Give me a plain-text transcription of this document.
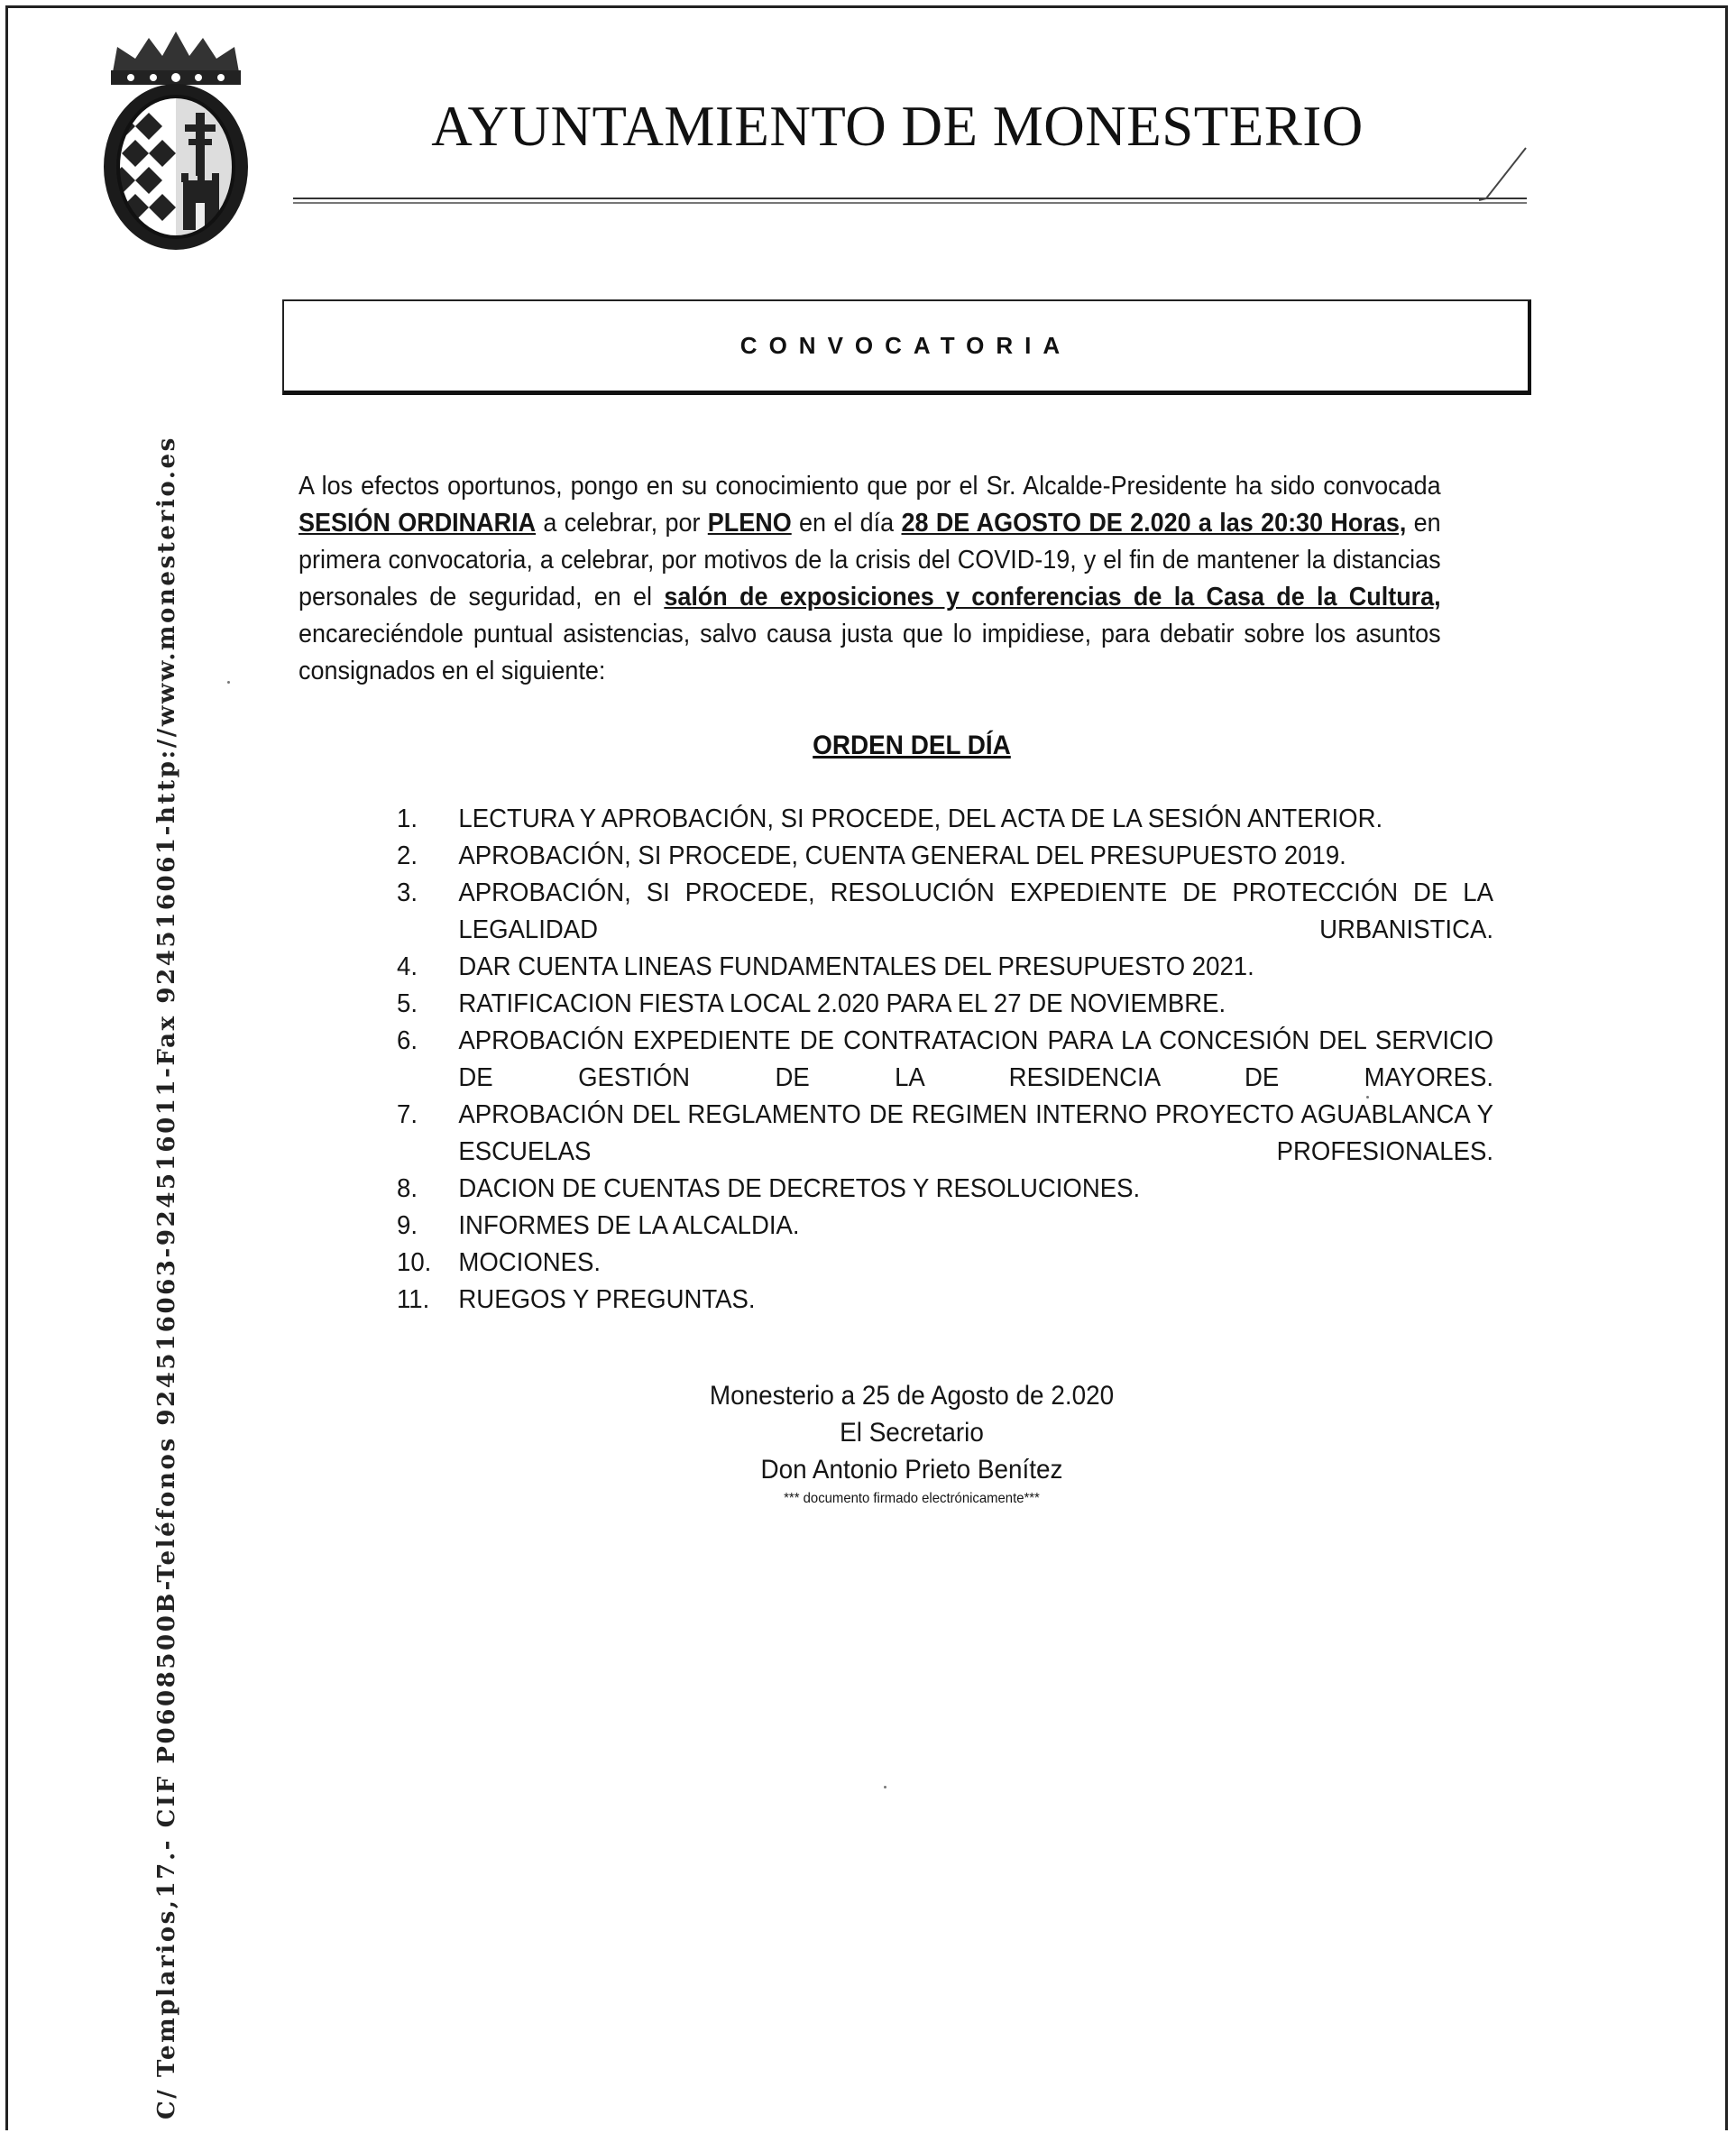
AYUNTAMIENTO DE MONESTERIO
C/ Templarios,17.- CIF P0608500B-Teléfonos 924516063-924516011-Fax 924516061-http://www.monesterio.es
CONVOCATORIA
A los efectos oportunos, pongo en su conocimiento que por el Sr. Alcalde-Presidente ha sido convocada SESIÓN ORDINARIA a celebrar, por PLENO en el día 28 DE AGOSTO DE 2.020 a las 20:30 Horas, en primera convocatoria, a celebrar, por motivos de la crisis del COVID-19, y el fin de mantener la distancias personales de seguridad, en el salón de exposiciones y conferencias de la Casa de la Cultura, encareciéndole puntual asistencias, salvo causa justa que lo impidiese, para debatir sobre los asuntos consignados en el siguiente:
ORDEN DEL DÍA
1.	LECTURA Y APROBACIÓN, SI PROCEDE, DEL ACTA DE LA SESIÓN ANTERIOR.
2.	APROBACIÓN, SI PROCEDE, CUENTA GENERAL DEL PRESUPUESTO 2019.
3.	APROBACIÓN, SI PROCEDE, RESOLUCIÓN EXPEDIENTE DE PROTECCIÓN DE LA LEGALIDAD URBANISTICA.
4.	DAR CUENTA LINEAS FUNDAMENTALES DEL PRESUPUESTO 2021.
5.	RATIFICACION FIESTA LOCAL 2.020 PARA EL 27 DE NOVIEMBRE.
6.	APROBACIÓN EXPEDIENTE DE CONTRATACION PARA LA CONCESIÓN DEL SERVICIO DE GESTIÓN DE LA RESIDENCIA DE MAYORES.
7.	APROBACIÓN DEL REGLAMENTO DE REGIMEN INTERNO PROYECTO AGUABLANCA Y ESCUELAS PROFESIONALES.
8.	DACION DE CUENTAS DE DECRETOS Y RESOLUCIONES.
9.	INFORMES DE LA ALCALDIA.
10.	MOCIONES.
11.	RUEGOS Y PREGUNTAS.
Monesterio a 25 de Agosto de 2.020
El Secretario
Don Antonio Prieto Benítez
*** documento firmado electrónicamente***
